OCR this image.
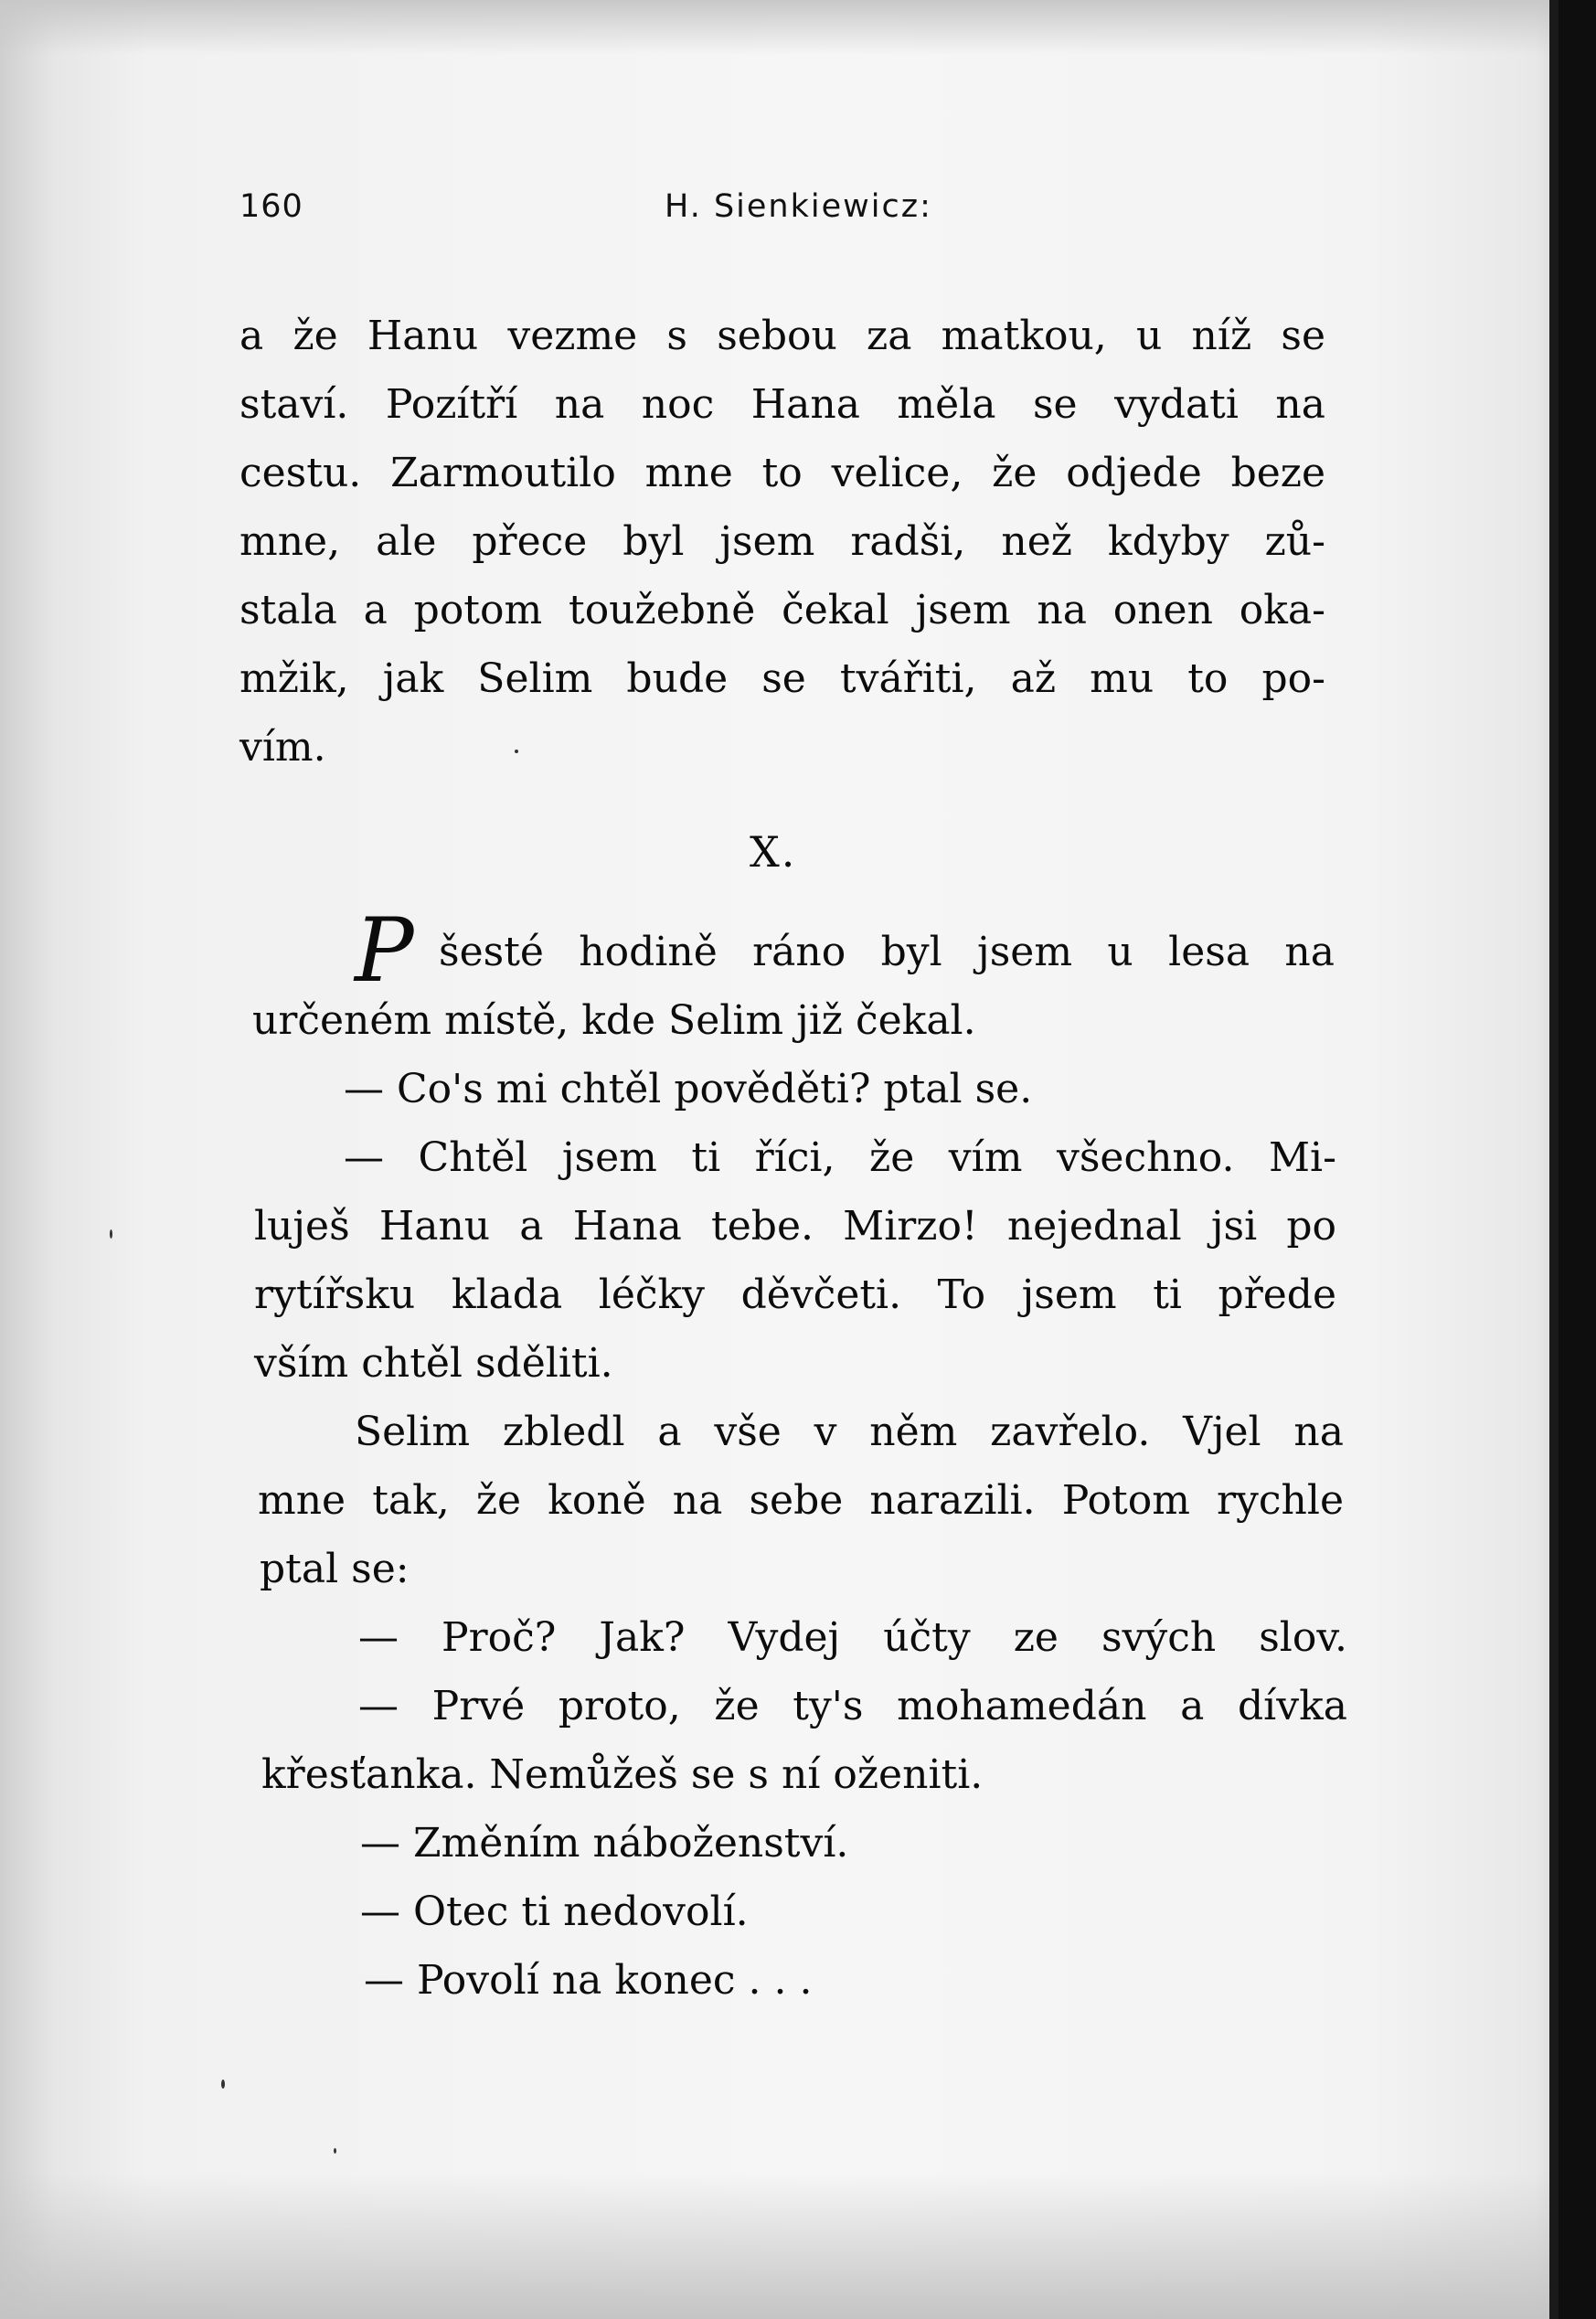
160	H. Sienkiewicz:
a že Hanu vezme s sebou za matkou, u níž se
staví. Pozítří na noc Hana měla se vydati na
cestu. Zarmoutilo mne to velice, že odjede beze
mne, ale přece byl jsem radši, než kdyby zů-
stala a potom toužebně čekal jsem na onen oka-
mžik, jak Selim bude se tvářiti, až mu to po-
vím.
X.
P šesté hodině ráno byl jsem u lesa na
určeném místě, kde Selim již čekal.
— Co's mi chtěl pověděti? ptal se.
— Chtěl jsem ti říci, že vím všechno. Mi-
luješ Hanu a Hana tebe. Mirzo! nejednal jsi po
rytířsku klada léčky děvčeti. To jsem ti přede
vším chtěl sděliti.
Selim zbledl a vše v něm zavřelo. Vjel na
mne tak, že koně na sebe narazili. Potom rychle
ptal se:
— Proč? Jak? Vydej účty ze svých slov.
— Prvé proto, že ty's mohamedán a dívka
křesťanka. Nemůžeš se s ní oženiti.
— Změním náboženství.
— Otec ti nedovolí.
— Povolí na konec . . .
